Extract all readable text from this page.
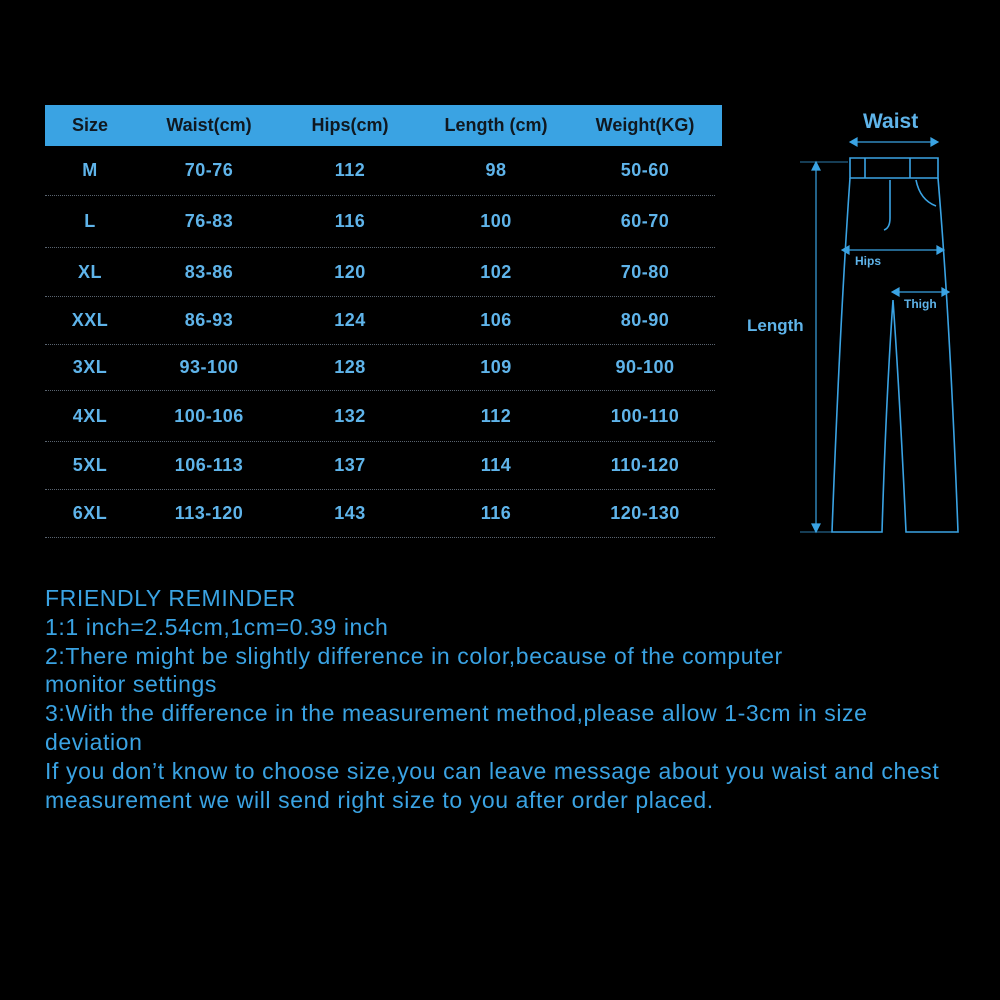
Size	Waist(cm)	Hips(cm)	Length (cm)	Weight(KG)
M	70-76	112	98	50-60
L	76-83	116	100	60-70
XL	83-86	120	102	70-80
XXL	86-93	124	106	80-90
3XL	93-100	128	109	90-100
4XL	100-106	132	112	100-110
5XL	106-113	137	114	110-120
6XL	113-120	143	116	120-130
Waist
Hips
Thigh
Length

FRIENDLY REMINDER

1:1 inch=2.54cm,1cm=0.39 inch

2:There might be slightly difference in color,because of the computer monitor settings

3:With the difference in the measurement method,please allow 1-3cm in size deviation

If you don’t know to choose size,you can leave message about you waist and chest measurement we will send right size to you after order placed.
